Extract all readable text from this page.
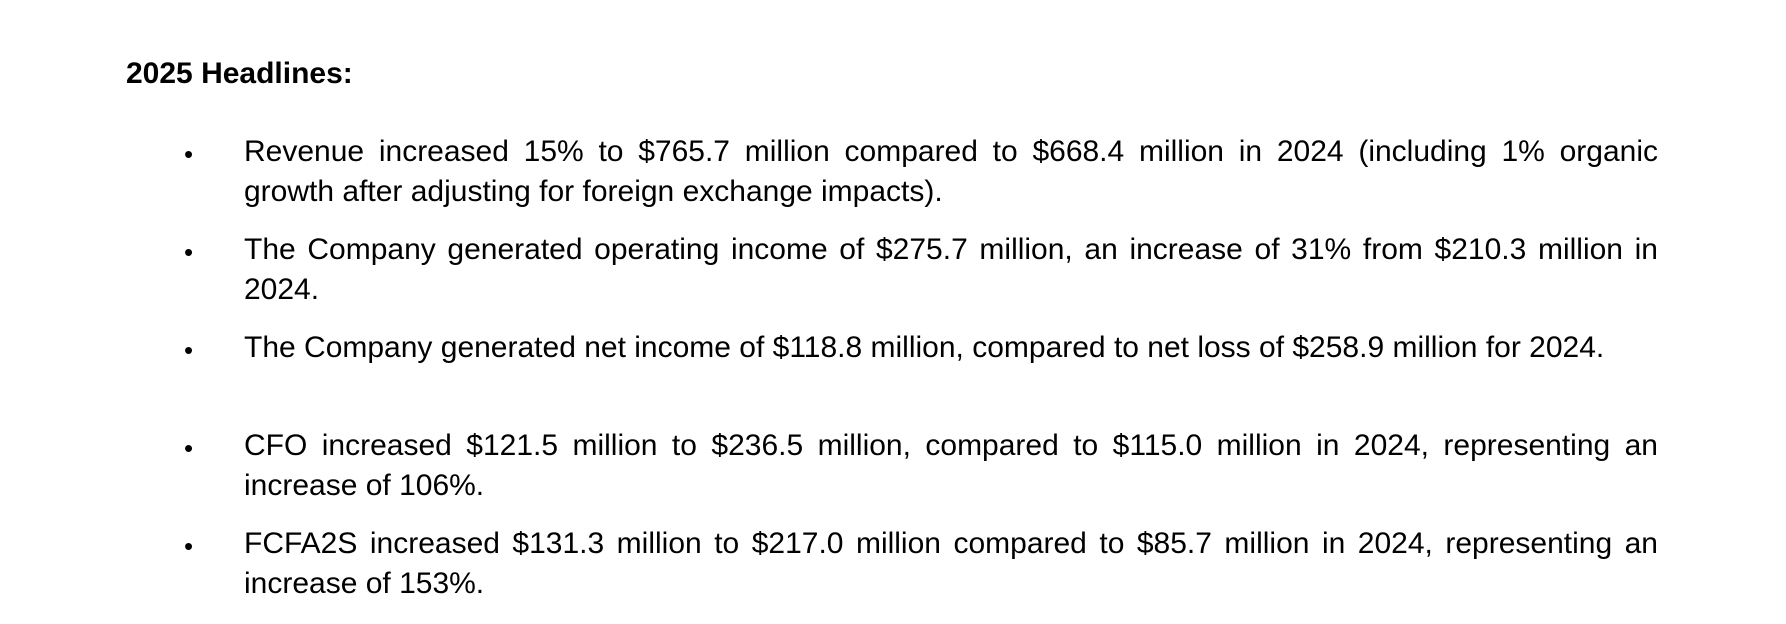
2025 Headlines:
• Revenue increased 15% to $765.7 million compared to $668.4 million in 2024 (including 1% organic growth after adjusting for foreign exchange impacts).
• The Company generated operating income of $275.7 million, an increase of 31% from $210.3 million in 2024.
• The Company generated net income of $118.8 million, compared to net loss of $258.9 million for 2024.
• CFO increased $121.5 million to $236.5 million, compared to $115.0 million in 2024, representing an increase of 106%.
• FCFA2S increased $131.3 million to $217.0 million compared to $85.7 million in 2024, representing an increase of 153%.
